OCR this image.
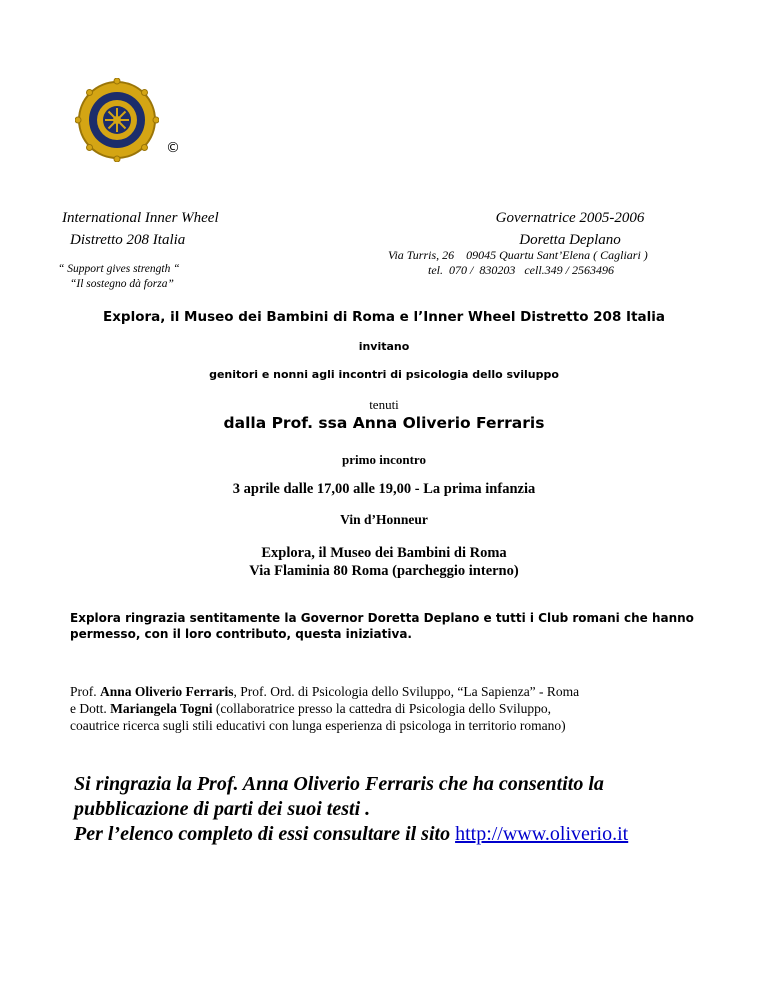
©
International Inner Wheel
Distretto 208 Italia
“ Support gives strength “
“Il sostegno dà forza”
Governatrice 2005-2006
Doretta Deplano
Via Turris, 26    09045 Quartu Sant’Elena ( Cagliari )
tel.  070 /  830203   cell.349 / 2563496
Explora, il Museo dei Bambini di Roma e l’Inner Wheel Distretto 208 Italia
invitano
genitori e nonni agli incontri di psicologia dello sviluppo
tenuti
dalla Prof. ssa Anna Oliverio Ferraris
primo incontro
3 aprile dalle 17,00 alle 19,00 - La prima infanzia
Vin d’Honneur
Explora, il Museo dei Bambini di Roma
Via Flaminia 80 Roma (parcheggio interno)
Explora ringrazia sentitamente la Governor Doretta Deplano e tutti i Club romani che hanno permesso, con il loro contributo, questa iniziativa.
Prof. Anna Oliverio Ferraris, Prof. Ord. di Psicologia dello Sviluppo, “La Sapienza” - Roma
e Dott. Mariangela Togni (collaboratrice presso la cattedra di Psicologia dello Sviluppo,
coautrice ricerca sugli stili educativi con lunga esperienza di psicologa in territorio romano)
Si ringrazia la Prof. Anna Oliverio Ferraris che ha consentito la
pubblicazione di parti dei suoi testi .
Per l’elenco completo di essi consultare il sito http://www.oliverio.it
